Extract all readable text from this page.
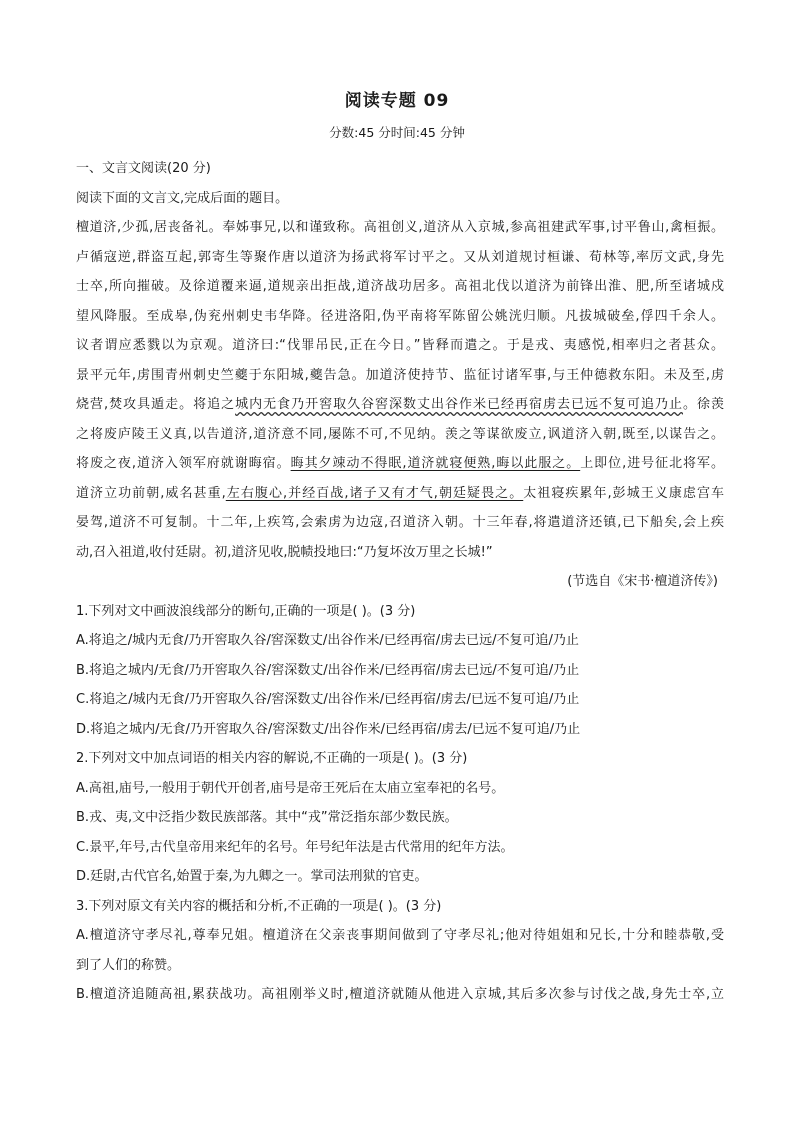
阅读专题 09
分数:45 分时间:45 分钟
一、文言文阅读(20 分)
阅读下面的文言文,完成后面的题目。
檀道济,少孤,居丧备礼。奉姊事兄,以和谨致称。高祖创义,道济从入京城,参高祖建武军事,讨平鲁山,禽桓振。
卢循寇逆,群盗互起,郭寄生等聚作唐以道济为扬武将军讨平之。又从刘道规讨桓谦、荀林等,率厉文武,身先
士卒,所向摧破。及徐道覆来逼,道规亲出拒战,道济战功居多。高祖北伐以道济为前锋出淮、肥,所至诸城戍
望风降服。至成皋,伪兖州刺史韦华降。径进洛阳,伪平南将军陈留公姚洸归顺。凡拔城破垒,俘四千余人。
议者谓应悉戮以为京观。道济曰:“伐罪吊民,正在今日。”皆释而遣之。于是戎、夷感悦,相率归之者甚众。
景平元年,虏围青州刺史竺夔于东阳城,夔告急。加道济使持节、监征讨诸军事,与王仲德救东阳。未及至,虏
烧营,焚攻具遁走。将追之城内无食乃开窖取久谷窖深数丈出谷作米已经再宿虏去已远不复可追乃止。徐羡
之将废庐陵王义真,以告道济,道济意不同,屡陈不可,不见纳。羡之等谋欲废立,讽道济入朝,既至,以谋告之。
将废之夜,道济入领军府就谢晦宿。晦其夕竦动不得眠,道济就寝便熟,晦以此服之。上即位,进号征北将军。
道济立功前朝,威名甚重,左右腹心,并经百战,诸子又有才气,朝廷疑畏之。太祖寝疾累年,彭城王义康虑宫车
晏驾,道济不可复制。十二年,上疾笃,会索虏为边寇,召道济入朝。十三年春,将遣道济还镇,已下船矣,会上疾
动,召入祖道,收付廷尉。初,道济见收,脱帻投地曰:“乃复坏汝万里之长城!”
(节选自《宋书·檀道济传》)
1.下列对文中画波浪线部分的断句,正确的一项是( )。(3 分)
A.将追之/城内无食/乃开窖取久谷/窖深数丈/出谷作米/已经再宿/虏去已远/不复可追/乃止
B.将追之城内/无食/乃开窖取久谷/窖深数丈/出谷作米/已经再宿/虏去已远/不复可追/乃止
C.将追之/城内无食/乃开窖取久谷/窖深数丈/出谷作米/已经再宿/虏去/已远不复可追/乃止
D.将追之城内/无食/乃开窖取久谷/窖深数丈/出谷作米/已经再宿/虏去/已远不复可追/乃止
2.下列对文中加点词语的相关内容的解说,不正确的一项是( )。(3 分)
A.高祖,庙号,一般用于朝代开创者,庙号是帝王死后在太庙立室奉祀的名号。
B.戎、夷,文中泛指少数民族部落。其中“戎”常泛指东部少数民族。
C.景平,年号,古代皇帝用来纪年的名号。年号纪年法是古代常用的纪年方法。
D.廷尉,古代官名,始置于秦,为九卿之一。掌司法刑狱的官吏。
3.下列对原文有关内容的概括和分析,不正确的一项是( )。(3 分)
A.檀道济守孝尽礼,尊奉兄姐。檀道济在父亲丧事期间做到了守孝尽礼;他对待姐姐和兄长,十分和睦恭敬,受
到了人们的称赞。
B.檀道济追随高祖,累获战功。高祖刚举义时,檀道济就随从他进入京城,其后多次参与讨伐之战,身先士卒,立
